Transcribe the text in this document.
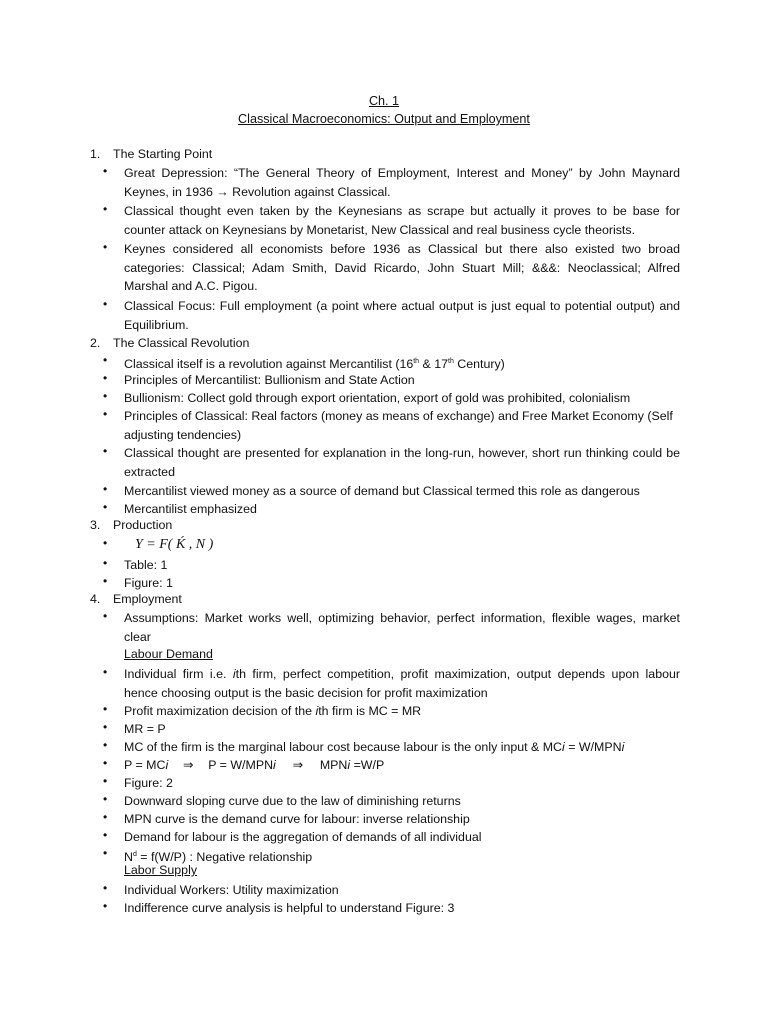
Ch. 1
Classical Macroeconomics: Output and Employment
1. The Starting Point
• Great Depression: “The General Theory of Employment, Interest and Money” by John Maynard Keynes, in 1936 → Revolution against Classical.
• Classical thought even taken by the Keynesians as scrape but actually it proves to be base for counter attack on Keynesians by Monetarist, New Classical and real business cycle theorists.
• Keynes considered all economists before 1936 as Classical but there also existed two broad categories: Classical; Adam Smith, David Ricardo, John Stuart Mill; &&&: Neoclassical; Alfred Marshal and A.C. Pigou.
• Classical Focus: Full employment (a point where actual output is just equal to potential output) and Equilibrium.
2. The Classical Revolution
• Classical itself is a revolution against Mercantilist (16th & 17th Century)
• Principles of Mercantilist: Bullionism and State Action
• Bullionism: Collect gold through export orientation, export of gold was prohibited, colonialism
• Principles of Classical: Real factors (money as means of exchange) and Free Market Economy (Self adjusting tendencies)
• Classical thought are presented for explanation in the long-run, however, short run thinking could be extracted
• Mercantilist viewed money as a source of demand but Classical termed this role as dangerous
• Mercantilist emphasized
3. Production
• Y = F( Ḱ , N )
• Table: 1
• Figure: 1
4. Employment
• Assumptions: Market works well, optimizing behavior, perfect information, flexible wages, market clear
Labour Demand
• Individual firm i.e. ith firm, perfect competition, profit maximization, output depends upon labour hence choosing output is the basic decision for profit maximization
• Profit maximization decision of the ith firm is MC = MR
• MR = P
• MC of the firm is the marginal labour cost because labour is the only input & MCi = W/MPNi
• P = MCi ⇒ P = W/MPNi ⇒ MPNi =W/P
• Figure: 2
• Downward sloping curve due to the law of diminishing returns
• MPN curve is the demand curve for labour: inverse relationship
• Demand for labour is the aggregation of demands of all individual
• $N^d = f(W/P)$ : Negative relationship
Labor Supply
• Individual Workers: Utility maximization
• Indifference curve analysis is helpful to understand Figure: 3
